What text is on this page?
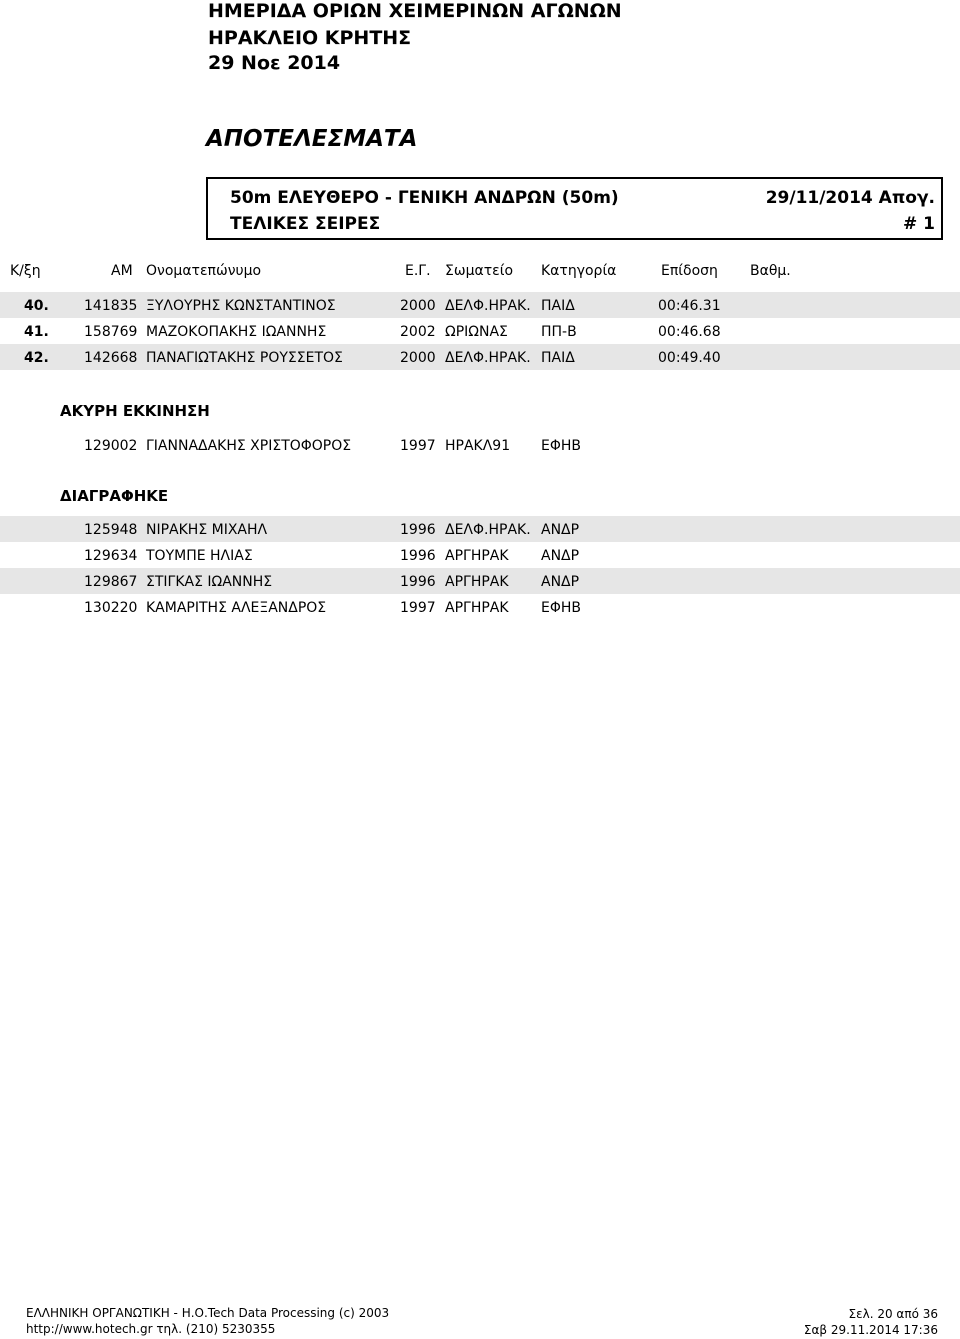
ΗΜΕΡΙΔΑ ΟΡΙΩΝ ΧΕΙΜΕΡΙΝΩΝ ΑΓΩΝΩΝ
ΗΡΑΚΛΕΙΟ ΚΡΗΤΗΣ
29 Νοε 2014
ΑΠΟΤΕΛΕΣΜΑΤΑ
50m ΕΛΕΥΘΕΡΟ - ΓΕΝΙΚΗ ΑΝΔΡΩΝ (50m)	29/11/2014 Απογ.
ΤΕΛΙΚΕΣ ΣΕΙΡΕΣ	# 1
Κ/ξη	AM Ονοματεπώνυμο	Ε.Γ. Σωματείο Κατηγορία	Επίδοση Βαθμ.
40.	141835 ΞΥΛΟΥΡΗΣ ΚΩΝΣΤΑΝΤΙΝΟΣ	2000 ΔΕΛΦ.ΗΡΑΚ. ΠΑΙΔ	00:46.31
41.	158769 ΜΑΖΟΚΟΠΑΚΗΣ ΙΩΑΝΝΗΣ	2002 ΩΡΙΩΝΑΣ ΠΠ-Β	00:46.68
42.	142668 ΠΑΝΑΓΙΩΤΑΚΗΣ ΡΟΥΣΣΕΤΟΣ	2000 ΔΕΛΦ.ΗΡΑΚ. ΠΑΙΔ	00:49.40
ΑΚΥΡΗ ΕΚΚΙΝΗΣΗ
129002 ΓΙΑΝΝΑΔΑΚΗΣ ΧΡΙΣΤΟΦΟΡΟΣ	1997 ΗΡΑΚΛ91 ΕΦΗΒ
ΔΙΑΓΡΑΦΗΚΕ
125948 ΝΙΡΑΚΗΣ ΜΙΧΑΗΛ	1996 ΔΕΛΦ.ΗΡΑΚ. ΑΝΔΡ
129634 ΤΟΥΜΠΕ ΗΛΙΑΣ	1996 ΑΡΓΗΡΑΚ ΑΝΔΡ
129867 ΣΤΙΓΚΑΣ ΙΩΑΝΝΗΣ	1996 ΑΡΓΗΡΑΚ ΑΝΔΡ
130220 ΚΑΜΑΡΙΤΗΣ ΑΛΕΞΑΝΔΡΟΣ	1997 ΑΡΓΗΡΑΚ ΕΦΗΒ
ΕΛΛΗΝΙΚΗ ΟΡΓΑΝΩΤΙΚΗ - Η.Ο.Tech Data Processing (c) 2003
http://www.hotech.gr τηλ. (210) 5230355
Σελ. 20 από 36
Σαβ 29.11.2014 17:36
